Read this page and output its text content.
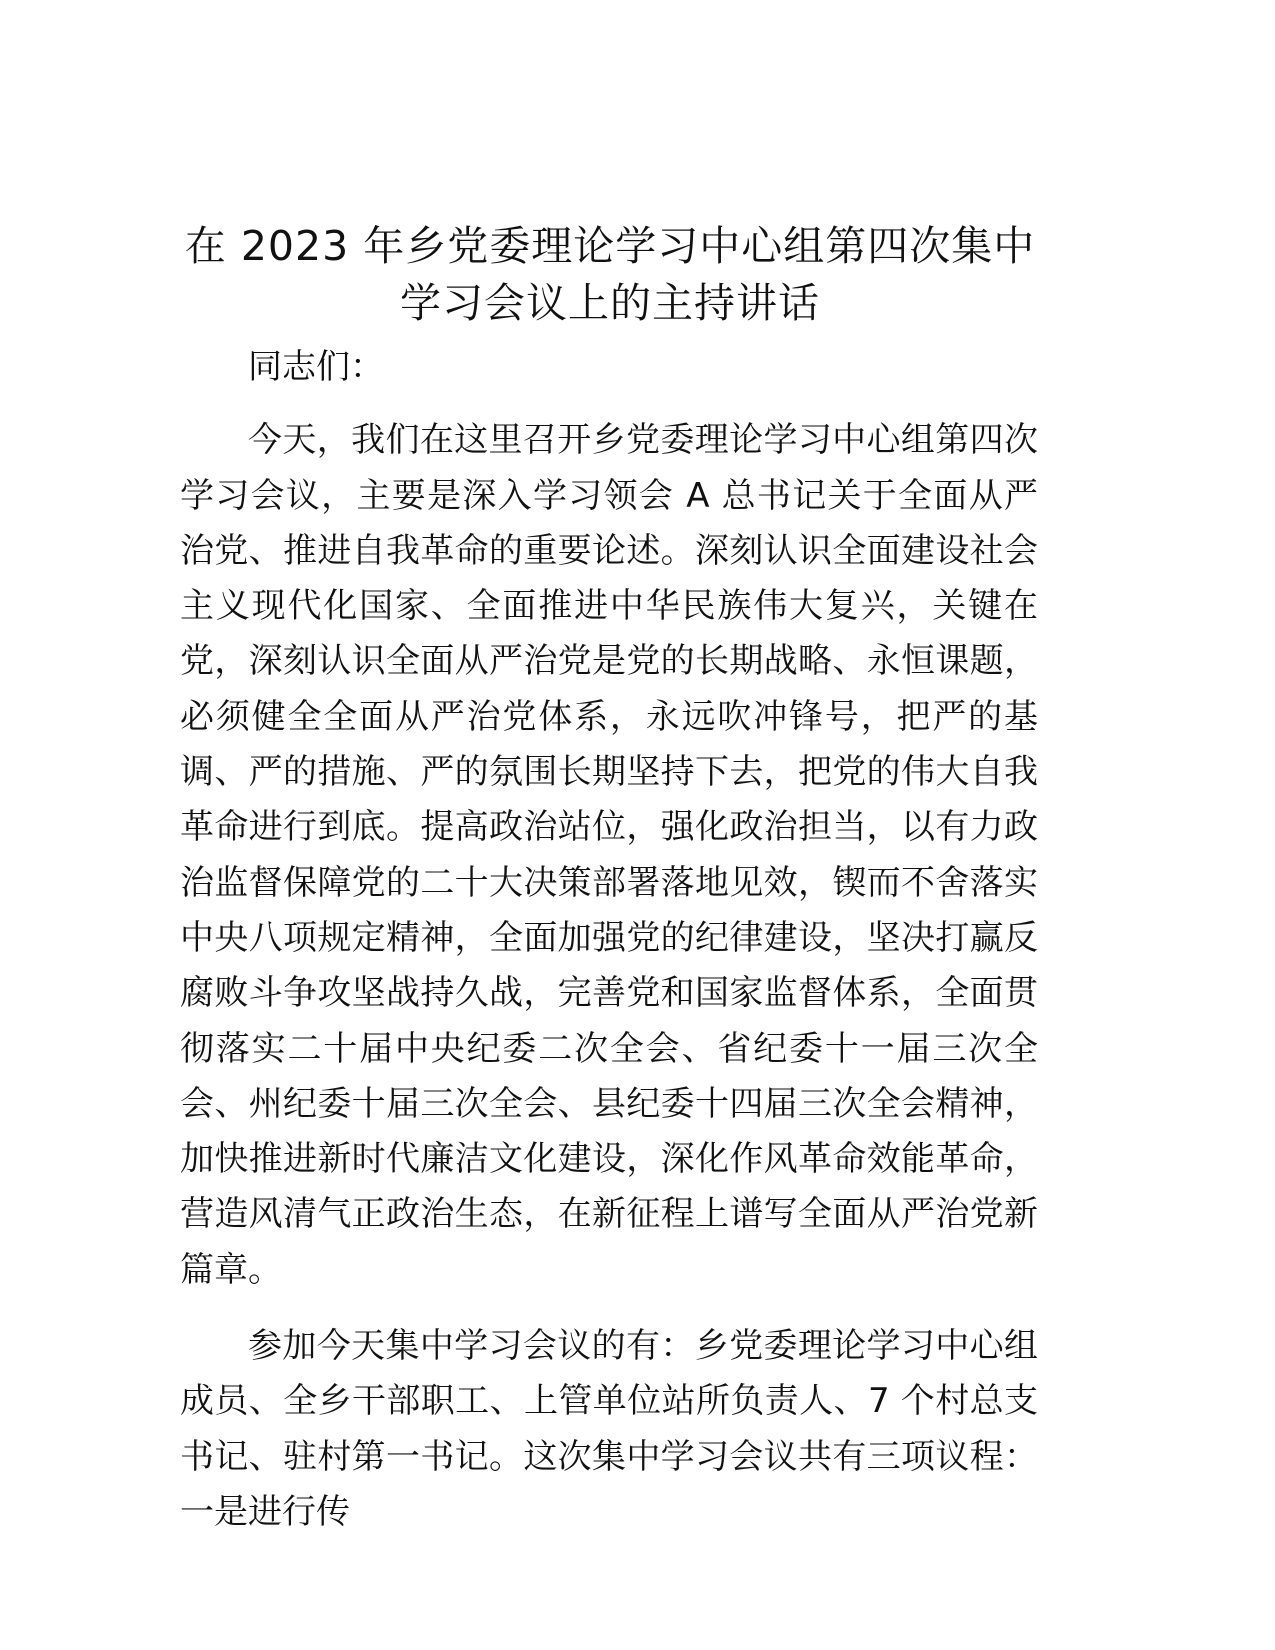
在 2023 年乡党委理论学习中心组第四次集中学习会议上的主持讲话

同志们：

今天，我们在这里召开乡党委理论学习中心组第四次学习会议，主要是深入学习领会 A 总书记关于全面从严治党、推进自我革命的重要论述。深刻认识全面建设社会主义现代化国家、全面推进中华民族伟大复兴，关键在党，深刻认识全面从严治党是党的长期战略、永恒课题，必须健全全面从严治党体系，永远吹冲锋号，把严的基调、严的措施、严的氛围长期坚持下去，把党的伟大自我革命进行到底。提高政治站位，强化政治担当，以有力政治监督保障党的二十大决策部署落地见效，锲而不舍落实中央八项规定精神，全面加强党的纪律建设，坚决打赢反腐败斗争攻坚战持久战，完善党和国家监督体系，全面贯彻落实二十届中央纪委二次全会、省纪委十一届三次全会、州纪委十届三次全会、县纪委十四届三次全会精神，加快推进新时代廉洁文化建设，深化作风革命效能革命，营造风清气正政治生态，在新征程上谱写全面从严治党新篇章。

参加今天集中学习会议的有：乡党委理论学习中心组成员、全乡干部职工、上管单位站所负责人、7 个村总支书记、驻村第一书记。这次集中学习会议共有三项议程：一是进行传
